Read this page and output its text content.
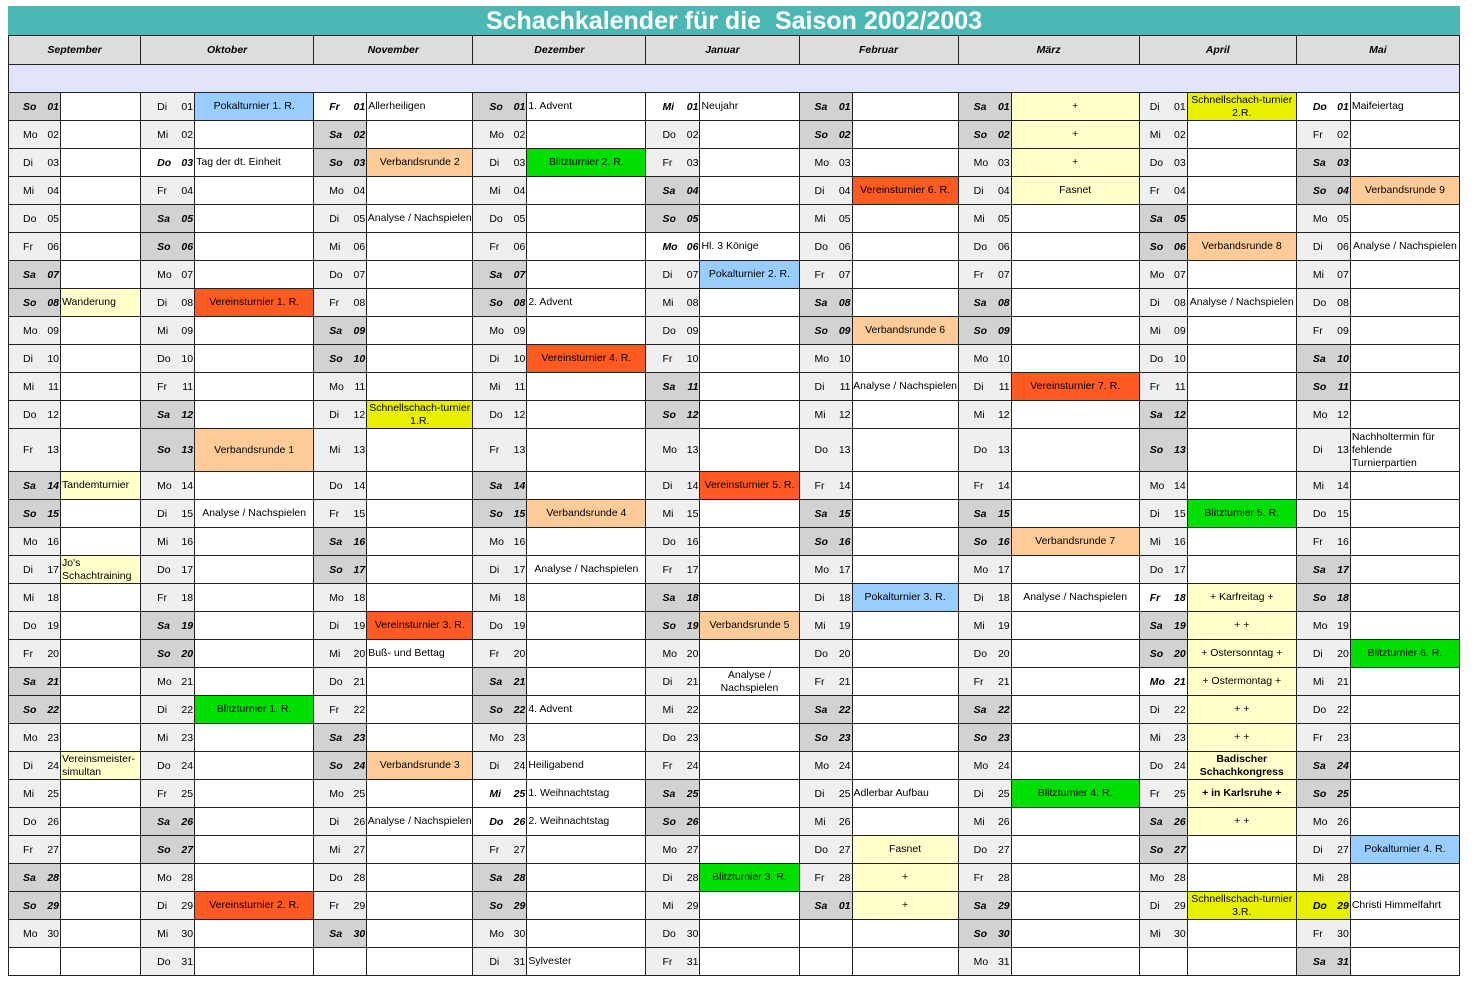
Schachkalender für die  Saison 2002/2003
September		Oktober		November		Dezember		Januar		Februar		März		April		Mai	

So 01		Di 01	Pokalturnier 1. R.	Fr 01	Allerheiligen	So 01	1. Advent	Mi 01	Neujahr	Sa 01		Sa 01	+	Di 01	Schnellschach-turnier 2.R.	Do 01	Maifeiertag
Mo 02		Mi 02		Sa 02		Mo 02		Do 02		So 02		So 02	+	Mi 02		Fr 02	
Di 03		Do 03	Tag der dt. Einheit	So 03	Verbandsrunde 2	Di 03	Blitzturnier 2. R.	Fr 03		Mo 03		Mo 03	+	Do 03		Sa 03	
Mi 04		Fr 04		Mo 04		Mi 04		Sa 04		Di 04	Vereinsturnier 6. R.	Di 04	Fasnet	Fr 04		So 04	Verbandsrunde 9
Do 05		Sa 05		Di 05	Analyse / Nachspielen	Do 05		So 05		Mi 05		Mi 05		Sa 05		Mo 05	
Fr 06		So 06		Mi 06		Fr 06		Mo 06	Hl. 3 Könige	Do 06		Do 06		So 06	Verbandsrunde 8	Di 06	Analyse / Nachspielen
Sa 07		Mo 07		Do 07		Sa 07		Di 07	Pokalturnier 2. R.	Fr 07		Fr 07		Mo 07		Mi 07	
So 08	Wanderung	Di 08	Vereinsturnier 1. R.	Fr 08		So 08	2. Advent	Mi 08		Sa 08		Sa 08		Di 08	Analyse / Nachspielen	Do 08	
Mo 09		Mi 09		Sa 09		Mo 09		Do 09		So 09	Verbandsrunde 6	So 09		Mi 09		Fr 09	
Di 10		Do 10		So 10		Di 10	Vereinsturnier 4. R.	Fr 10		Mo 10		Mo 10		Do 10		Sa 10	
Mi 11		Fr 11		Mo 11		Mi 11		Sa 11		Di 11	Analyse / Nachspielen	Di 11	Vereinsturnier 7. R.	Fr 11		So 11	
Do 12		Sa 12		Di 12	Schnellschach-turnier 1.R.	Do 12		So 12		Mi 12		Mi 12		Sa 12		Mo 12	
Fr 13		So 13	Verbandsrunde 1	Mi 13		Fr 13		Mo 13		Do 13		Do 13		So 13		Di 13	Nachholtermin für fehlende Turnierpartien
Sa 14	Tandemturnier	Mo 14		Do 14		Sa 14		Di 14	Vereinsturnier 5. R.	Fr 14		Fr 14		Mo 14		Mi 14	
So 15		Di 15	Analyse / Nachspielen	Fr 15		So 15	Verbandsrunde 4	Mi 15		Sa 15		Sa 15		Di 15	Blitzturnier 5. R.	Do 15	
Mo 16		Mi 16		Sa 16		Mo 16		Do 16		So 16		So 16	Verbandsrunde 7	Mi 16		Fr 16	
Di 17	Jo's Schachtraining	Do 17		So 17		Di 17	Analyse / Nachspielen	Fr 17		Mo 17		Mo 17		Do 17		Sa 17	
Mi 18		Fr 18		Mo 18		Mi 18		Sa 18		Di 18	Pokalturnier 3. R.	Di 18	Analyse / Nachspielen	Fr 18	+ Karfreitag +	So 18	
Do 19		Sa 19		Di 19	Vereinsturnier 3. R.	Do 19		So 19	Verbandsrunde 5	Mi 19		Mi 19		Sa 19	+ +	Mo 19	
Fr 20		So 20		Mi 20	Buß- und Bettag	Fr 20		Mo 20		Do 20		Do 20		So 20	+ Ostersonntag +	Di 20	Blitzturnier 6. R.
Sa 21		Mo 21		Do 21		Sa 21		Di 21	Analyse / Nachspielen	Fr 21		Fr 21		Mo 21	+ Ostermontag +	Mi 21	
So 22		Di 22	Blitzturnier 1. R.	Fr 22		So 22	4. Advent	Mi 22		Sa 22		Sa 22		Di 22	+ +	Do 22	
Mo 23		Mi 23		Sa 23		Mo 23		Do 23		So 23		So 23		Mi 23	+ +	Fr 23	
Di 24	Vereinsmeister-simultan	Do 24		So 24	Verbandsrunde 3	Di 24	Heiligabend	Fr 24		Mo 24		Mo 24		Do 24	Badischer Schachkongress	Sa 24	
Mi 25		Fr 25		Mo 25		Mi 25	1. Weihnachtstag	Sa 25		Di 25	Adlerbar Aufbau	Di 25	Blitzturnier 4. R.	Fr 25	+ in Karlsruhe +	So 25	
Do 26		Sa 26		Di 26	Analyse / Nachspielen	Do 26	2. Weihnachtstag	So 26		Mi 26		Mi 26		Sa 26	+ +	Mo 26	
Fr 27		So 27		Mi 27		Fr 27		Mo 27		Do 27	Fasnet	Do 27		So 27		Di 27	Pokalturnier 4. R.
Sa 28		Mo 28		Do 28		Sa 28		Di 28	Blitzturnier 3. R.	Fr 28	+	Fr 28		Mo 28		Mi 28	
So 29		Di 29	Vereinsturnier 2. R.	Fr 29		So 29		Mi 29		Sa 01	+	Sa 29		Di 29	Schnellschach-turnier 3.R.	Do 29	Christi Himmelfahrt
Mo 30		Mi 30		Sa 30		Mo 30		Do 30				So 30		Mi 30		Fr 30	
		Do 31				Di 31	Sylvester	Fr 31				Mo 31				Sa 31	
